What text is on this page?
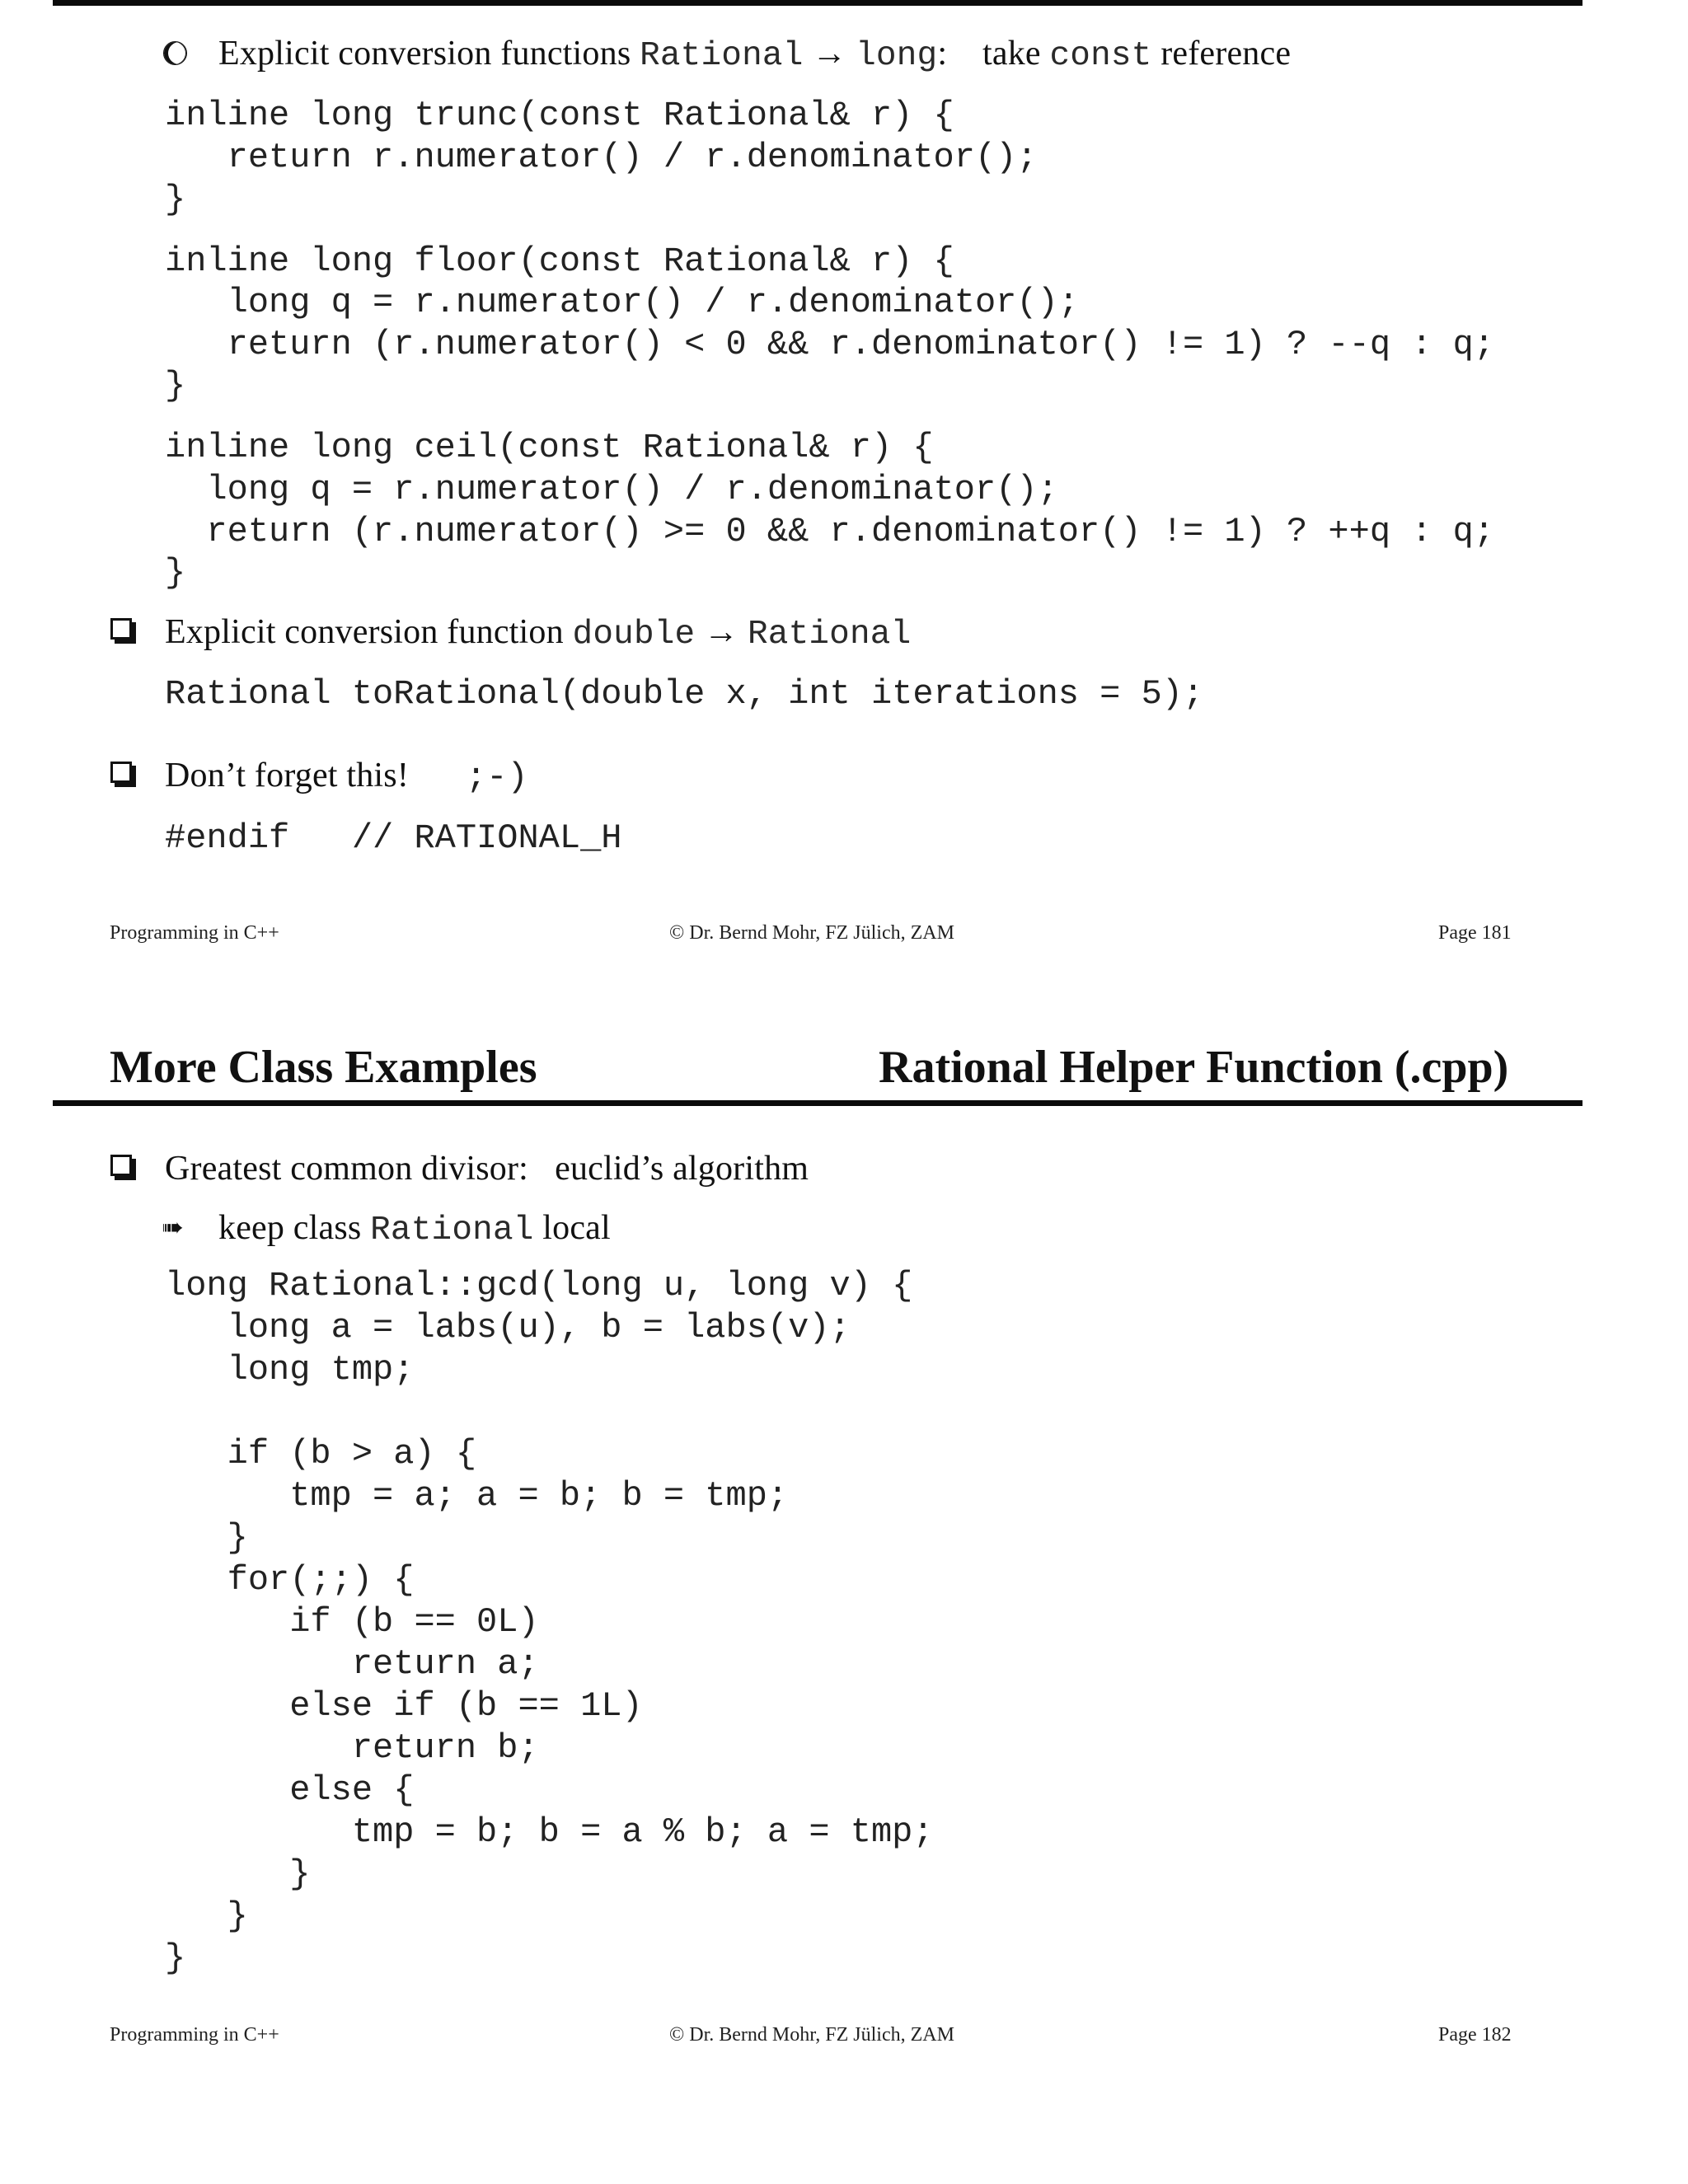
Explicit conversion functions Rational → long:    take const reference
inline long trunc(const Rational& r) {
return r.numerator() / r.denominator();
}
inline long floor(const Rational& r) {
long q = r.numerator() / r.denominator();
return (r.numerator() < 0 && r.denominator() != 1) ? --q : q;
}
inline long ceil(const Rational& r) {
long q = r.numerator() / r.denominator();
return (r.numerator() >= 0 && r.denominator() != 1) ? ++q : q;
}
Explicit conversion function double → Rational
Rational toRational(double x, int iterations = 5);
Don’t forget this! ;-)
#endif   // RATIONAL_H
Programming in C++	© Dr. Bernd Mohr, FZ Jülich, ZAM	Page 181
More Class Examples	Rational Helper Function (.cpp)
Greatest common divisor:   euclid’s algorithm
➠ keep class Rational local
long Rational::gcd(long u, long v) {
long a = labs(u), b = labs(v);
long tmp;
if (b > a) {
tmp = a; a = b; b = tmp;
}
for(;;) {
if (b == 0L)
return a;
else if (b == 1L)
return b;
else {
tmp = b; b = a % b; a = tmp;
}
}
}
Programming in C++	© Dr. Bernd Mohr, FZ Jülich, ZAM	Page 182
